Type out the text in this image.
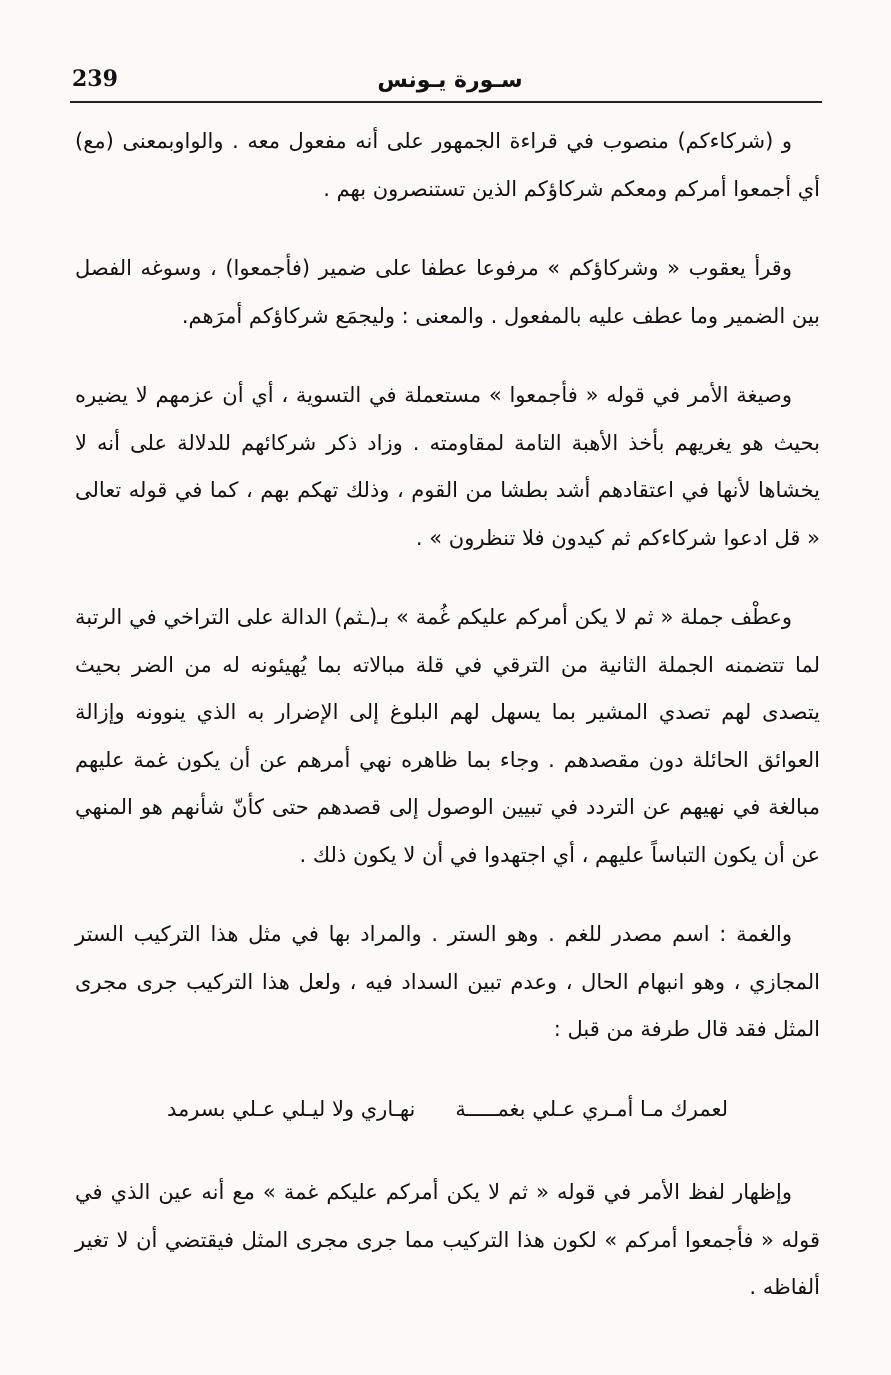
239	سـورة يـونس

و (شركاءكم) منصوب في قراءة الجمهور على أنه مفعول معه . والواوبمعنى (مع) أي أجمعوا أمركم ومعكم شركاؤكم الذين تستنصرون بهم .

وقرأ يعقوب « وشركاؤكم » مرفوعا عطفا على ضمير (فأجمعوا) ، وسوغه الفصل بين الضمير وما عطف عليه بالمفعول . والمعنى : وليجمَع شركاؤكم أمرَهم.

وصيغة الأمر في قوله « فأجمعوا » مستعملة في التسوية ، أي أن عزمهم لا يضيره بحيث هو يغريهم بأخذ الأهبة التامة لمقاومته . وزاد ذكر شركائهم للدلالة على أنه لا يخشاها لأنها في اعتقادهم أشد بطشا من القوم ، وذلك تهكم بهم ، كما في قوله تعالى « قل ادعوا شركاءكم ثم كيدون فلا تنظرون » .

وعطْف جملة « ثم لا يكن أمركم عليكم غُمة » بـ(ـثم) الدالة على التراخي في الرتبة لما تتضمنه الجملة الثانية من الترقي في قلة مبالاته بما يُهيئونه له من الضر بحيث يتصدى لهم تصدي المشير بما يسهل لهم البلوغ إلى الإضرار به الذي ينوونه وإزالة العوائق الحائلة دون مقصدهم . وجاء بما ظاهره نهي أمرهم عن أن يكون غمة عليهم مبالغة في نهيهم عن التردد في تبيين الوصول إلى قصدهم حتى كأنّ شأنهم هو المنهي عن أن يكون التباساً عليهم ، أي اجتهدوا في أن لا يكون ذلك .

والغمة : اسم مصدر للغم . وهو الستر . والمراد بها في مثل هذا التركيب الستر المجازي ، وهو انبهام الحال ، وعدم تبين السداد فيه ، ولعل هذا التركيب جرى مجرى المثل فقد قال طرفة من قبل :

لعمرك مـا أمـري عـلي بغمـــــة
نهـاري ولا ليـلي عـلي بسرمد

وإظهار لفظ الأمر في قوله « ثم لا يكن أمركم عليكم غمة » مع أنه عين الذي في قوله « فأجمعوا أمركم » لكون هذا التركيب مما جرى مجرى المثل فيقتضي أن لا تغير ألفاظه .
